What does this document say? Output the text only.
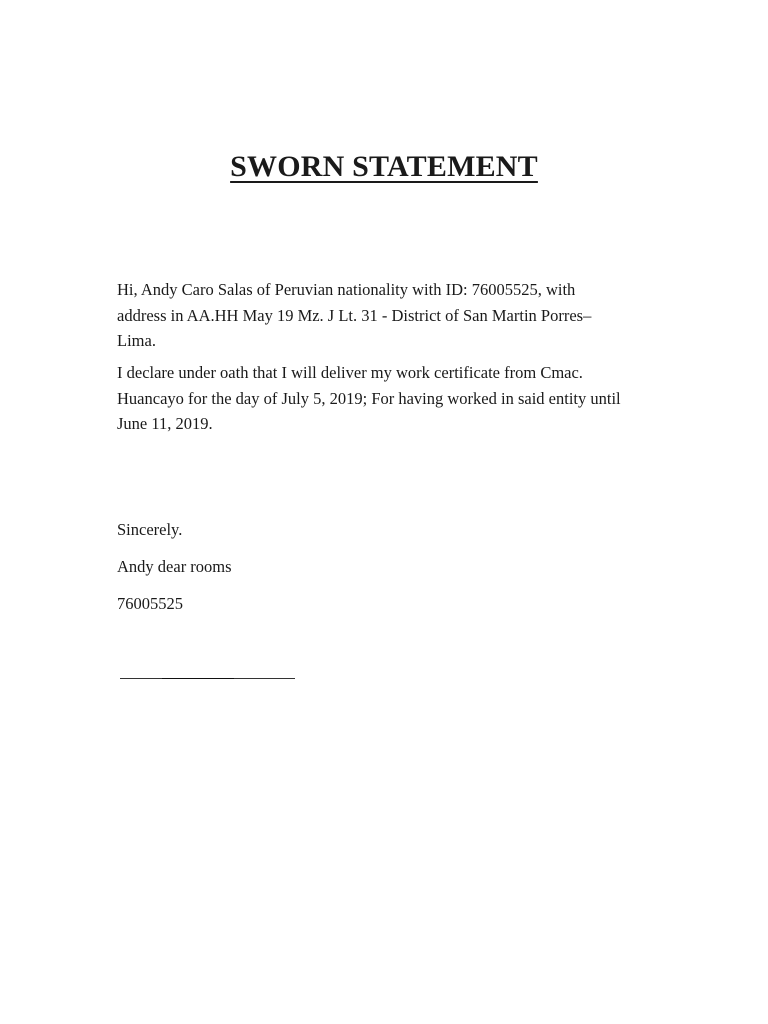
SWORN STATEMENT

Hi, Andy Caro Salas of Peruvian nationality with ID: 76005525, with address in AA.HH May 19 Mz. J Lt. 31 - District of San Martin Porres–Lima.

I declare under oath that I will deliver my work certificate from Cmac. Huancayo for the day of July 5, 2019; For having worked in said entity until June 11, 2019.

Sincerely.

Andy dear rooms

76005525
